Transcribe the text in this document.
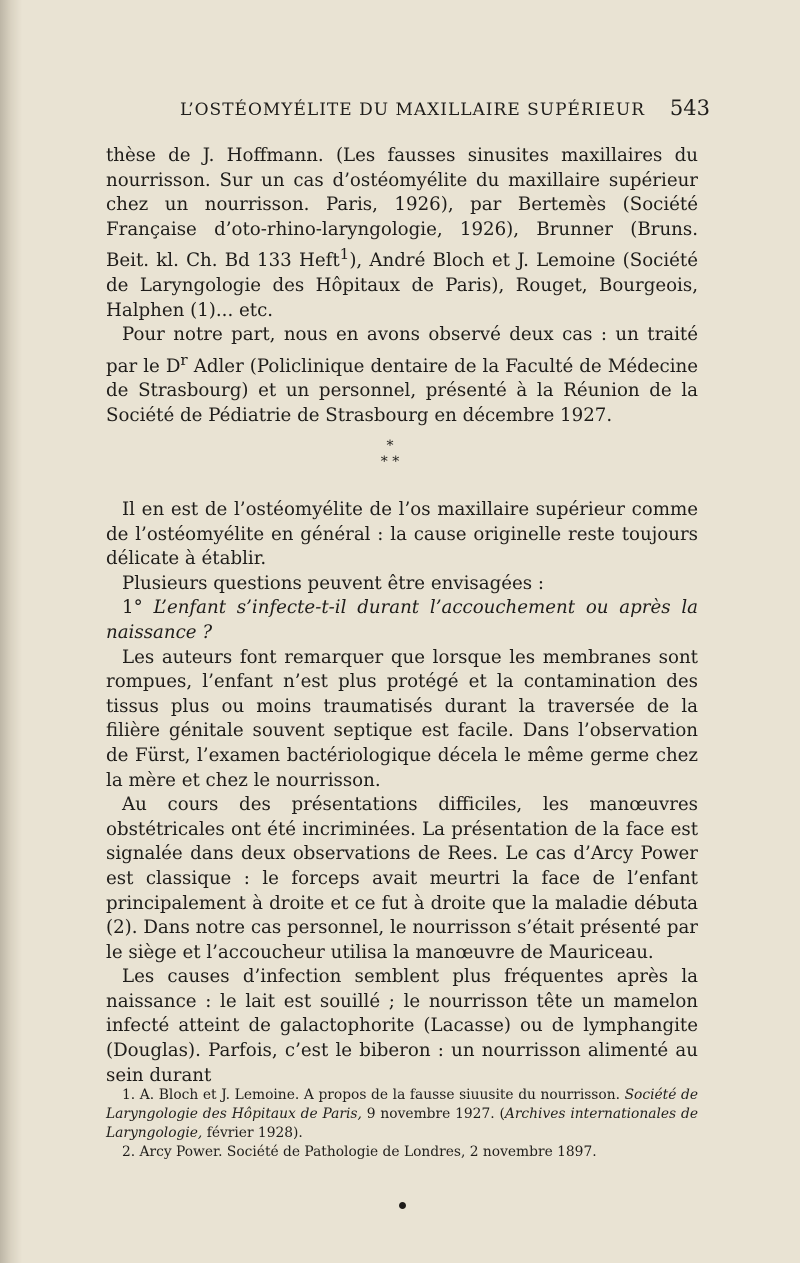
L’OSTÉOMYÉLITE DU MAXILLAIRE SUPÉRIEUR 543

thèse de J. Hoffmann. (Les fausses sinusites maxillaires du nourrisson. Sur un cas d’ostéomyélite du maxillaire supérieur chez un nourrisson. Paris, 1926), par Bertemès (Société Française d’oto-rhino-laryngologie, 1926), Brunner (Bruns. Beit. kl. Ch. Bd 133 Heft$^1$), André Bloch et J. Lemoine (Société de Laryngologie des Hôpitaux de Paris), Rouget, Bourgeois, Halphen (1)... etc.

Pour notre part, nous en avons observé deux cas : un traité par le $D^r$ Adler (Policlinique dentaire de la Faculté de Médecine de Strasbourg) et un personnel, présenté à la Réunion de la Société de Pédiatrie de Strasbourg en décembre 1927.

*
* *

Il en est de l’ostéomyélite de l’os maxillaire supérieur comme de l’ostéomyélite en général : la cause originelle reste toujours délicate à établir.

Plusieurs questions peuvent être envisagées :

1° L’enfant s’infecte-t-il durant l’accouchement ou après la naissance ?

Les auteurs font remarquer que lorsque les membranes sont rompues, l’enfant n’est plus protégé et la contamination des tissus plus ou moins traumatisés durant la traversée de la filière génitale souvent septique est facile. Dans l’observation de Fürst, l’examen bactériologique décela le même germe chez la mère et chez le nourrisson.

Au cours des présentations difficiles, les manœuvres obstétricales ont été incriminées. La présentation de la face est signalée dans deux observations de Rees. Le cas d’Arcy Power est classique : le forceps avait meurtri la face de l’enfant principalement à droite et ce fut à droite que la maladie débuta (2). Dans notre cas personnel, le nourrisson s’était présenté par le siège et l’accoucheur utilisa la manœuvre de Mauriceau.

Les causes d’infection semblent plus fréquentes après la naissance : le lait est souillé ; le nourrisson tête un mamelon infecté atteint de galactophorite (Lacasse) ou de lymphangite (Douglas). Parfois, c’est le biberon : un nourrisson alimenté au sein durant

1. A. Bloch et J. Lemoine. A propos de la fausse siuusite du nourrisson. Société de Laryngologie des Hôpitaux de Paris, 9 novembre 1927. (Archives internationales de Laryngologie, février 1928).

2. Arcy Power. Société de Pathologie de Londres, 2 novembre 1897.
